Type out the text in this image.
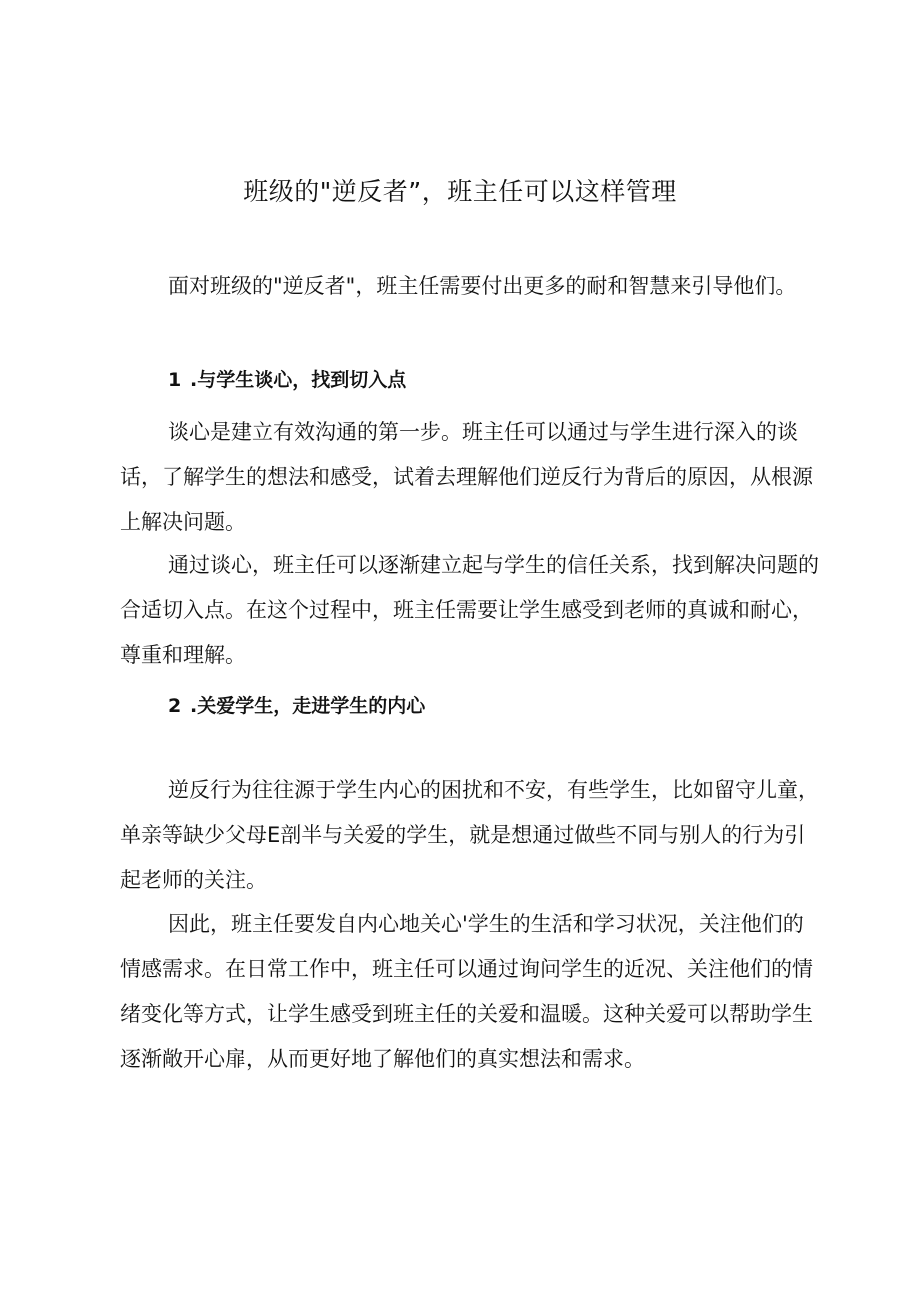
班级的"逆反者”，班主任可以这样管理

面对班级的"逆反者"，班主任需要付出更多的耐和智慧来引导他们。

1 .与学生谈心，找到切入点

谈心是建立有效沟通的第一步。班主任可以通过与学生进行深入的谈话，了解学生的想法和感受，试着去理解他们逆反行为背后的原因，从根源上解决问题。

通过谈心，班主任可以逐渐建立起与学生的信任关系，找到解决问题的合适切入点。在这个过程中，班主任需要让学生感受到老师的真诚和耐心，尊重和理解。

2 .关爱学生，走进学生的内心

逆反行为往往源于学生内心的困扰和不安，有些学生，比如留守儿童，单亲等缺少父母E剖半与关爱的学生，就是想通过做些不同与别人的行为引起老师的关注。

因此，班主任要发自内心地关心'学生的生活和学习状况，关注他们的情感需求。在日常工作中，班主任可以通过询问学生的近况、关注他们的情绪变化等方式，让学生感受到班主任的关爱和温暖。这种关爱可以帮助学生逐渐敞开心扉，从而更好地了解他们的真实想法和需求。
